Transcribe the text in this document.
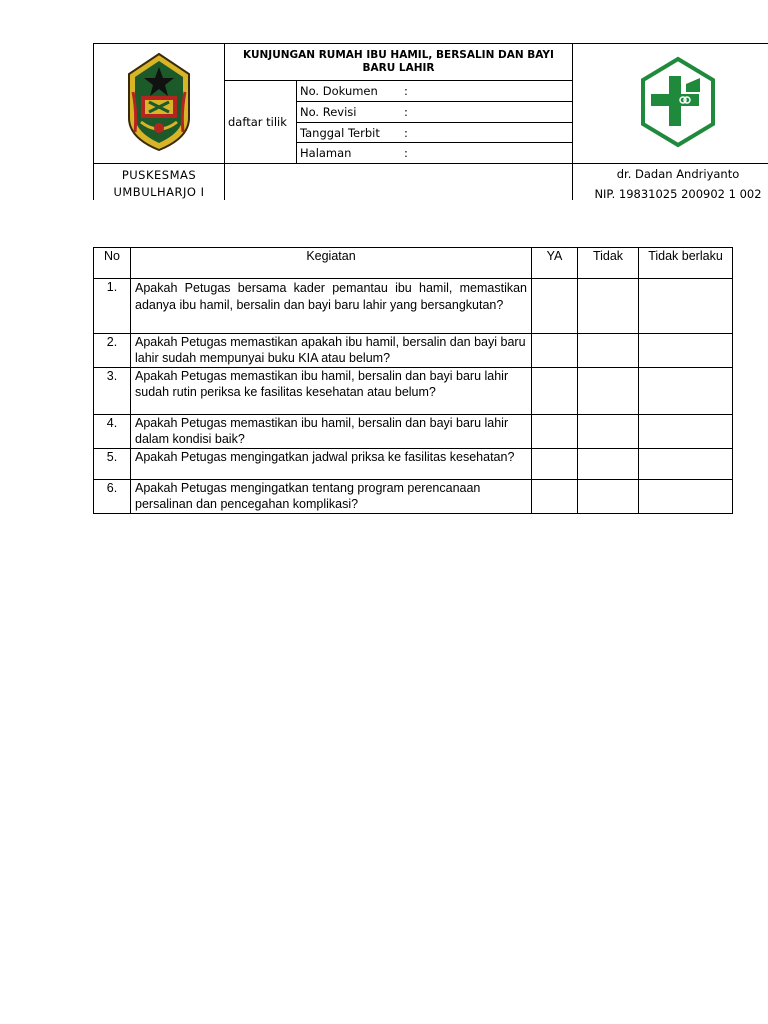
	KUNJUNGAN RUMAH IBU HAMIL, BERSALIN DAN BAYI BARU LAHIR	
	daftar tilik	No. Dokumen :	
		No. Revisi :	
		Tanggal Terbit :	
		Halaman :	

PUSKESMAS
UMBULHARJO I			dr. Dadan Andriyanto
NIP. 19831025 200902 1 002
No	Kegiatan	YA	Tidak	Tidak berlaku
1.	Apakah Petugas bersama kader pemantau ibu hamil, memastikan adanya ibu hamil, bersalin dan bayi baru lahir yang bersangkutan?			
2.	Apakah Petugas memastikan apakah ibu hamil, bersalin dan bayi baru lahir sudah mempunyai buku KIA atau belum?			
3.	Apakah Petugas memastikan ibu hamil, bersalin dan bayi baru lahir sudah rutin periksa ke fasilitas kesehatan atau belum?			
4.	Apakah Petugas memastikan ibu hamil, bersalin dan bayi baru lahir dalam kondisi baik?			
5.	Apakah Petugas mengingatkan jadwal priksa ke fasilitas kesehatan?			
6.	Apakah Petugas mengingatkan tentang program perencanaan persalinan dan pencegahan komplikasi?			
